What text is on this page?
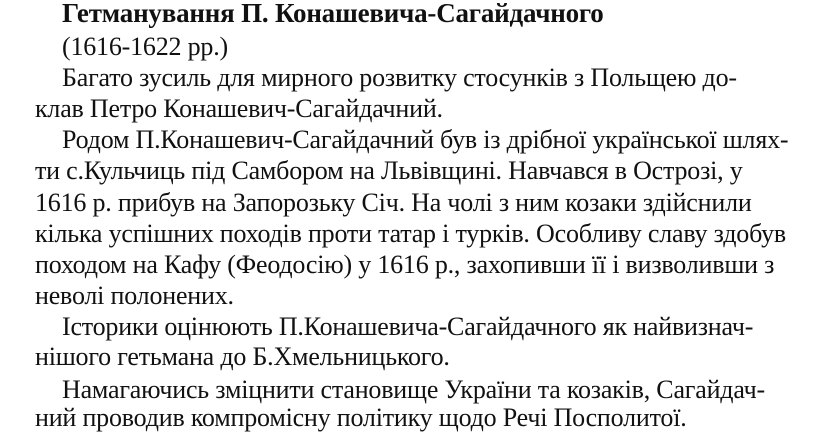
Гетманування П. Конашевича-Сагайдачного
(1616-1622 рр.)
Багато зусиль для мирного розвитку стосунків з Польщею до-
клав Петро Конашевич-Сагайдачний.
Родом П.Конашевич-Сагайдачний був із дрібної української шлях-
ти с.Кульчиць під Самбором на Львівщині. Навчався в Острозі, у
1616 р. прибув на Запорозьку Січ. На чолі з ним козаки здійснили
кілька успішних походів проти татар і турків. Особливу славу здобув
походом на Кафу (Феодосію) у 1616 р., захопивши її і визволивши з
неволі полонених.
Історики оцінюють П.Конашевича-Сагайдачного як найвизнач-
нішого гетьмана до Б.Хмельницького.
Намагаючись зміцнити становище України та козаків, Сагайдач-
ний проводив компромісну політику щодо Речі Посполитої.
